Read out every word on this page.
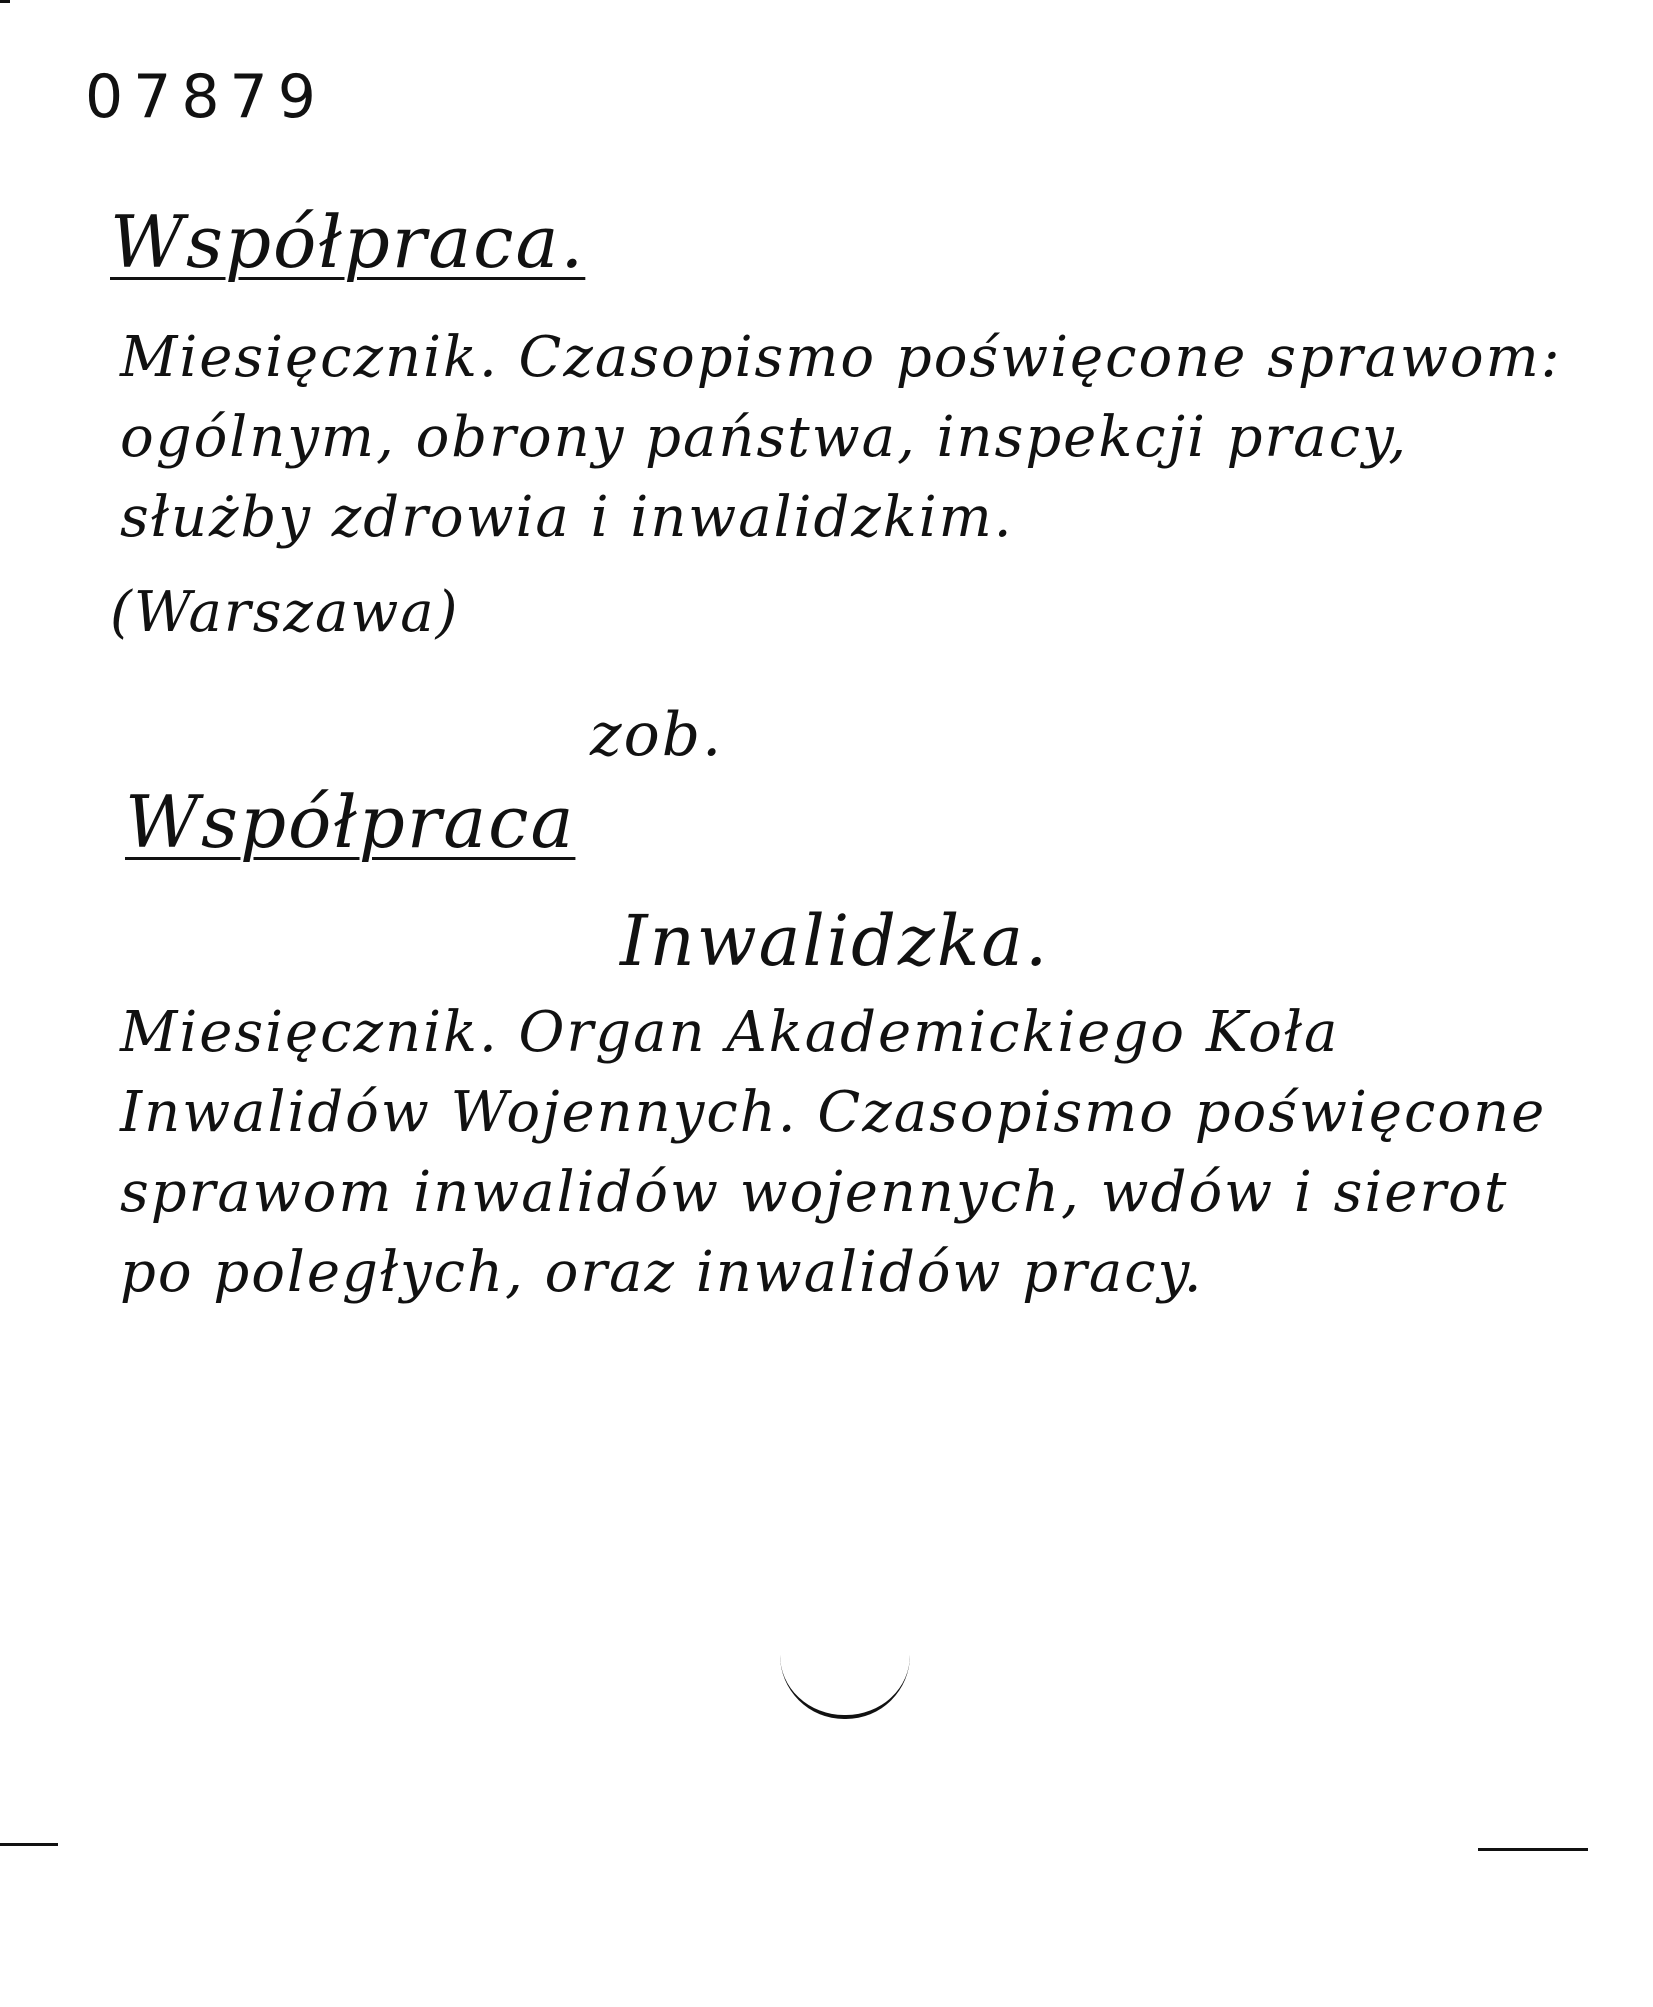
07879
Współpraca.
Miesięcznik. Czasopismo poświęcone sprawom:
ogólnym, obrony państwa, inspekcji pracy,
służby zdrowia i inwalidzkim.
(Warszawa)
zob.
Współpraca
Inwalidzka.
Miesięcznik. Organ Akademickiego Koła
Inwalidów Wojennych. Czasopismo poświęcone
sprawom inwalidów wojennych, wdów i sierot
po poległych, oraz inwalidów pracy.
